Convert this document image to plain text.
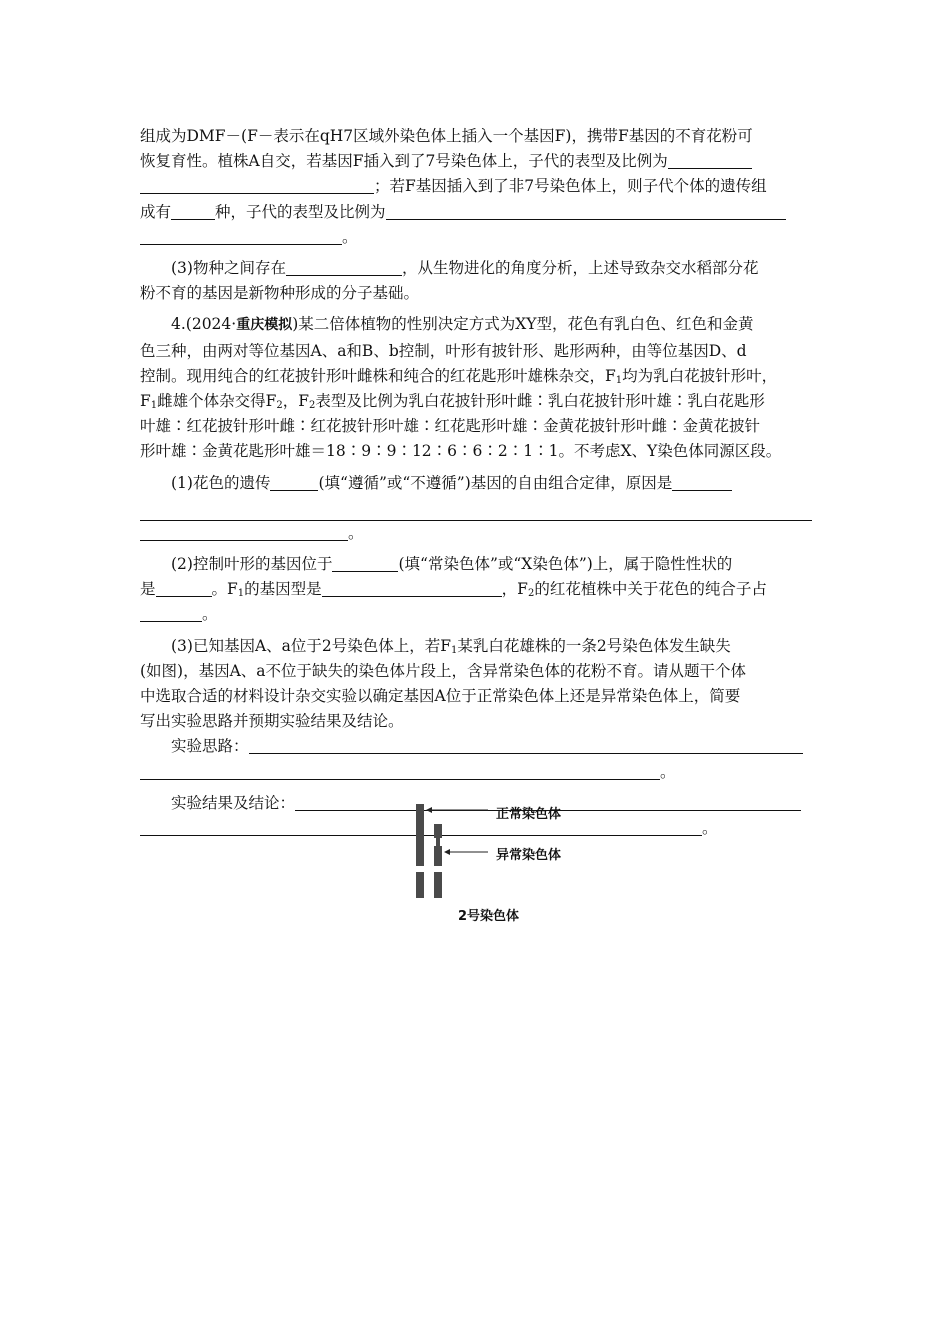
组成为DMF－(F－表示在qH7区域外染色体上插入一个基因F)，携带F基因的不育花粉可

恢复育性。植株A自交，若基因F插入到了7号染色体上，子代的表型及比例为

；若F基因插入到了非7号染色体上，则子代个体的遗传组

成有	种，子代的表型及比例为

。

(3)物种之间存在	，从生物进化的角度分析，上述导致杂交水稻部分花

粉不育的基因是新物种形成的分子基础。

4.(2024·重庆模拟)某二倍体植物的性别决定方式为XY型，花色有乳白色、红色和金黄

色三种，由两对等位基因A、a和B、b控制，叶形有披针形、匙形两种，由等位基因D、d

控制。现用纯合的红花披针形叶雌株和纯合的红花匙形叶雄株杂交，$F_1$均为乳白花披针形叶，

$F_1$雌雄个体杂交得$F_2$，$F_2$表型及比例为乳白花披针形叶雌∶乳白花披针形叶雄∶乳白花匙形

叶雄∶红花披针形叶雌∶红花披针形叶雄∶红花匙形叶雄∶金黄花披针形叶雌∶金黄花披针

形叶雄∶金黄花匙形叶雄＝18∶9∶9∶12∶6∶6∶2∶1∶1。不考虑X、Y染色体同源区段。

(1)花色的遗传	(填“遵循”或“不遵循”)基因的自由组合定律，原因是

。

(2)控制叶形的基因位于	(填“常染色体”或“X染色体”)上，属于隐性性状的

是	。$F_1$的基因型是	，$F_2$的红花植株中关于花色的纯合子占

。

(3)已知基因A、a位于2号染色体上，若$F_1$某乳白花雄株的一条2号染色体发生缺失

(如图)，基因A、a不位于缺失的染色体片段上，含异常染色体的花粉不育。请从题干个体

中选取合适的材料设计杂交实验以确定基因A位于正常染色体上还是异常染色体上，简要

写出实验思路并预期实验结果及结论。

实验思路：

。

实验结果及结论：

。

正常染色体
异常染色体
2号染色体
